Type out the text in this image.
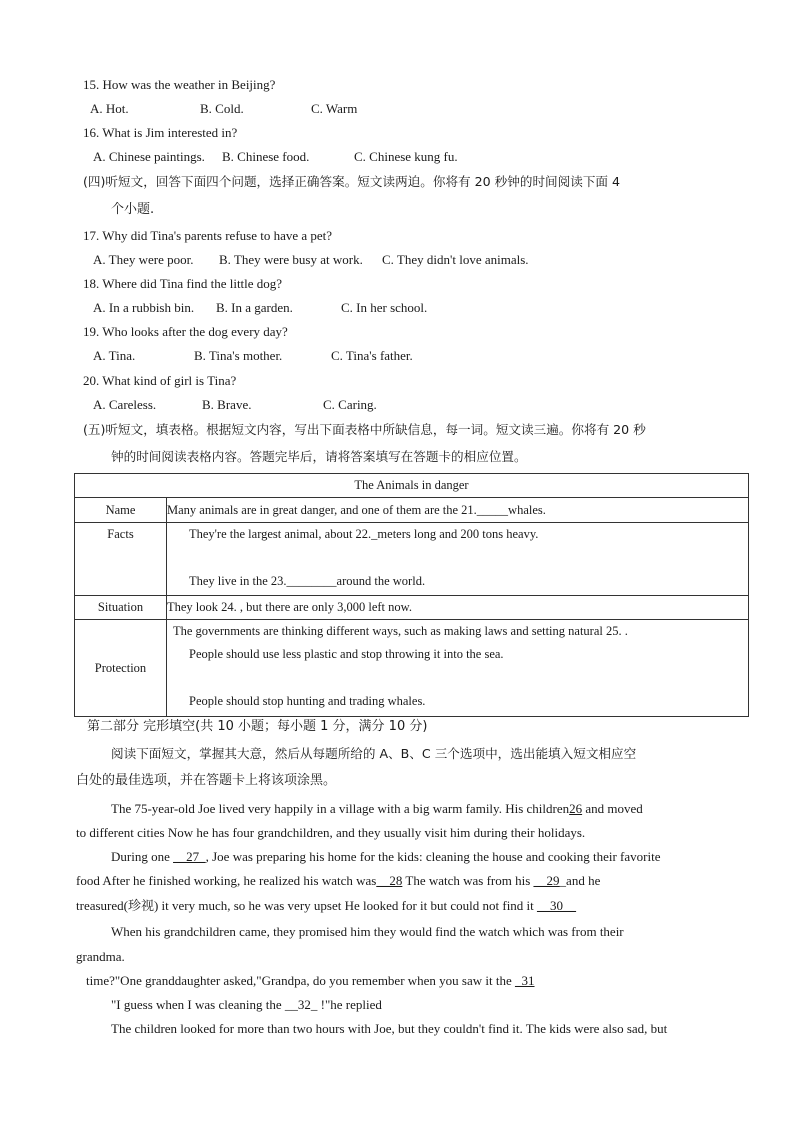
15. How was the weather in Beijing?
A. Hot.	B. Cold.	C. Warm
16. What is Jim interested in?
A. Chinese paintings. B. Chinese food.	C. Chinese kung fu.
(四)听短文，回答下面四个问题，选择正确答案。短文读两迫。你将有 20 秒钟的时间阅读下面 4
个小题.
17. Why did Tina's parents refuse to have a pet?
A. They were poor. B. They were busy at work. C. They didn't love animals.
18. Where did Tina find the little dog?
A. In a rubbish bin. B. In a garden.	C. In her school.
19. Who looks after the dog every day?
A. Tina.	B. Tina's mother.	C. Tina's father.
20. What kind of girl is Tina?
A. Careless.	B. Brave.	C. Caring.
(五)听短文，填表格。根据短文内容，写出下面表格中所缺信息，每一词。短文读三遍。你将有 20 秒
钟的时间阅读表格内容。答题完毕后，请将答案填写在答题卡的相应位置。
The Animals in danger	
Name	Many animals are in great danger, and one of them are the 21._____whales.
Facts	They're the largest animal, about 22._meters long and 200 tons heavy.
They live in the 23.________around the world.

Situation	They look 24. , but there are only 3,000 left now.
Protection	The governments are thinking different ways, such as making laws and setting natural 25. .
People should use less plastic and stop throwing it into the sea.
People should stop hunting and trading whales.
第二部分 完形填空(共 10 小题；每小题 1 分，满分 10 分)
阅读下面短文，掌握其大意，然后从每题所给的 A、B、C 三个选项中，选出能填入短文相应空
白处的最佳选项，并在答题卡上将该项涂黑。
The 75-year-old Joe lived very happily in a village with a big warm family. His children26 and moved
to different cities Now he has four grandchildren, and they usually visit him during their holidays.
During one __27_, Joe was preparing his home for the kids: cleaning the house and cooking their favorite
food After he finished working, he realized his watch was__28 The watch was from his __29_and he
treasured(珍视) it very much, so he was very upset He looked for it but could not find it __30__
When his grandchildren came, they promised him they would find the watch which was from their
grandma.
time?"One granddaughter asked,"Grandpa, do you remember when you saw it the _31
"I guess when I was cleaning the __32_ !"he replied
The children looked for more than two hours with Joe, but they couldn't find it. The kids were also sad, but
